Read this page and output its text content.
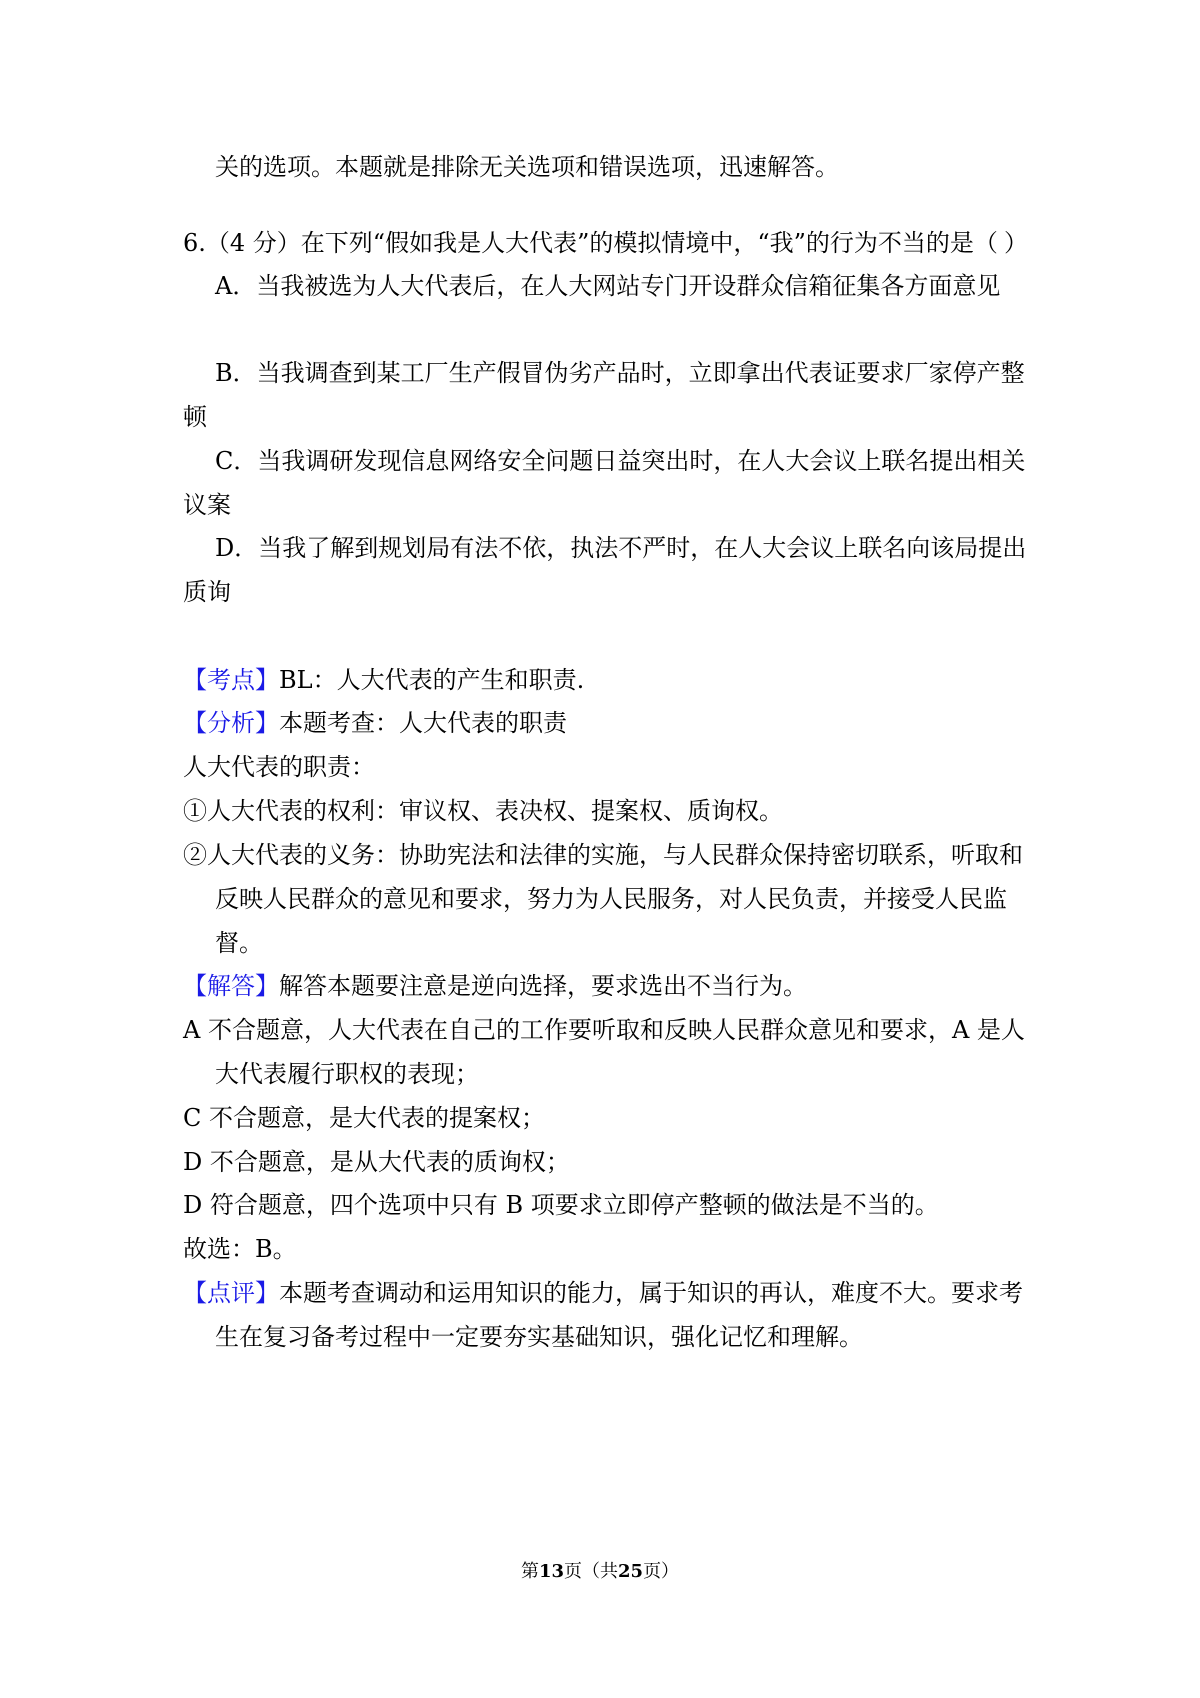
关的选项。本题就是排除无关选项和错误选项，迅速解答。
6.（4 分）在下列“假如我是人大代表”的模拟情境中，“我”的行为不当的是（ ）
A．当我被选为人大代表后，在人大网站专门开设群众信箱征集各方面意见
B．当我调查到某工厂生产假冒伪劣产品时，立即拿出代表证要求厂家停产整
顿
C．当我调研发现信息网络安全问题日益突出时，在人大会议上联名提出相关
议案
D．当我了解到规划局有法不依，执法不严时，在人大会议上联名向该局提出
质询
【考点】BL：人大代表的产生和职责.
【分析】本题考查：人大代表的职责
人大代表的职责：
①人大代表的权利：审议权、表决权、提案权、质询权。
②人大代表的义务：协助宪法和法律的实施，与人民群众保持密切联系，听取和
反映人民群众的意见和要求，努力为人民服务，对人民负责，并接受人民监
督。
【解答】解答本题要注意是逆向选择，要求选出不当行为。
A 不合题意，人大代表在自己的工作要听取和反映人民群众意见和要求，A 是人
大代表履行职权的表现；
C 不合题意，是大代表的提案权；
D 不合题意，是从大代表的质询权；
D 符合题意，四个选项中只有 B 项要求立即停产整顿的做法是不当的。
故选：B。
【点评】本题考查调动和运用知识的能力，属于知识的再认，难度不大。要求考
生在复习备考过程中一定要夯实基础知识，强化记忆和理解。
第13页（共25页）
